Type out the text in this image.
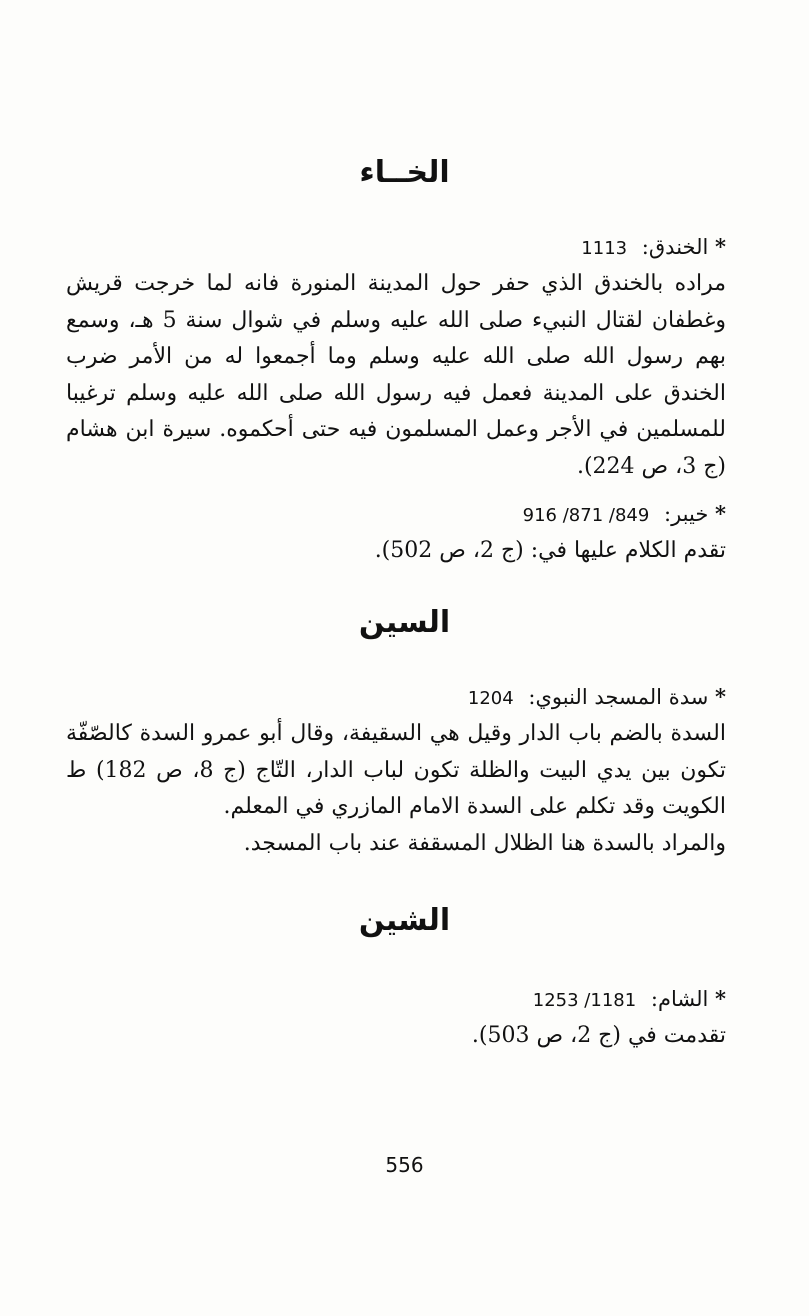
الخــاء
* الخندق: 1113
مراده بالخندق الذي حفر حول المدينة المنورة فانه لما خرجت قريش وغطفان لقتال النبيء صلى الله عليه وسلم في شوال سنة 5 هـ، وسمع بهم رسول الله صلى الله عليه وسلم وما أجمعوا له من الأمر ضرب الخندق على المدينة فعمل فيه رسول الله صلى الله عليه وسلم ترغيبا للمسلمين في الأجر وعمل المسلمون فيه حتى أحكموه. سيرة ابن هشام (ج 3، ص 224).
* خيبر: 849/ 871/ 916
تقدم الكلام عليها في: (ج 2، ص 502).
السين
* سدة المسجد النبوي: 1204
السدة بالضم باب الدار وقيل هي السقيفة، وقال أبو عمرو السدة كالصّفّة تكون بين يدي البيت والظلة تكون لباب الدار، التّاج (ج 8، ص 182) ط الكويت وقد تكلم على السدة الامام المازري في المعلم.
والمراد بالسدة هنا الظلال المسقفة عند باب المسجد.
الشين
* الشام: 1181/ 1253
تقدمت في (ج 2، ص 503).
556
